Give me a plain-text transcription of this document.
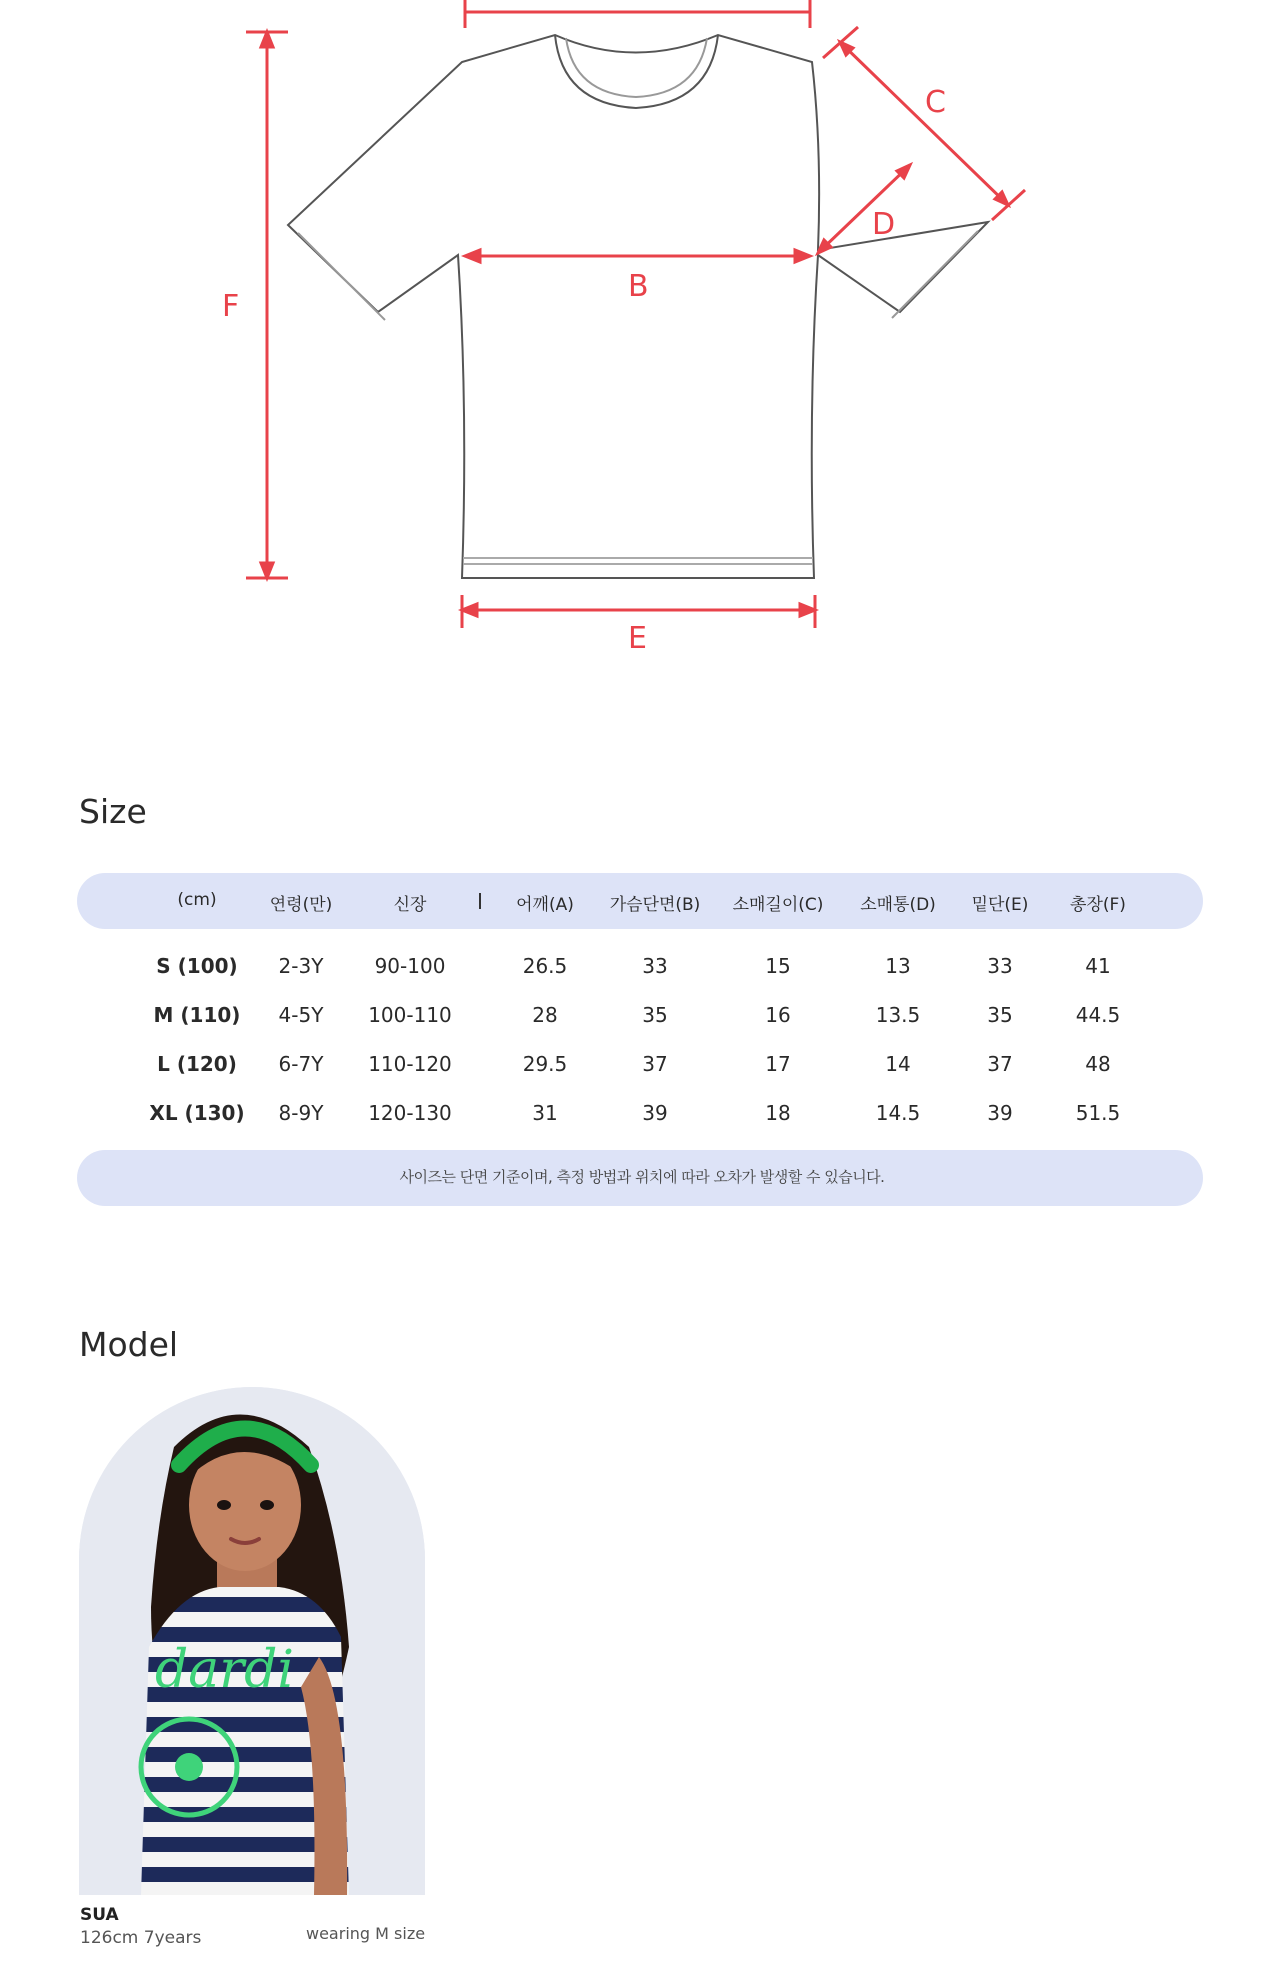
B
C
D
E
F
Size
(cm)	연령(만)	신장	어깨(A) 가슴단면(B) 소매길이(C) 소매통(D) 밑단(E) 총장(F)
S (100) 2-3Y	90-100	26.5	33	15	13	33	41
M (110) 4-5Y 100-110	28	35	16	13.5	35	44.5
L (120) 6-7Y 110-120	29.5	37	17	14	37	48
XL (130) 8-9Y 120-130	31	39	18	14.5	39	51.5
사이즈는 단면 기준이며, 측정 방법과 위치에 따라 오차가 발생할 수 있습니다.
Model
dardi
SUA
126cm 7years	wearing M size
